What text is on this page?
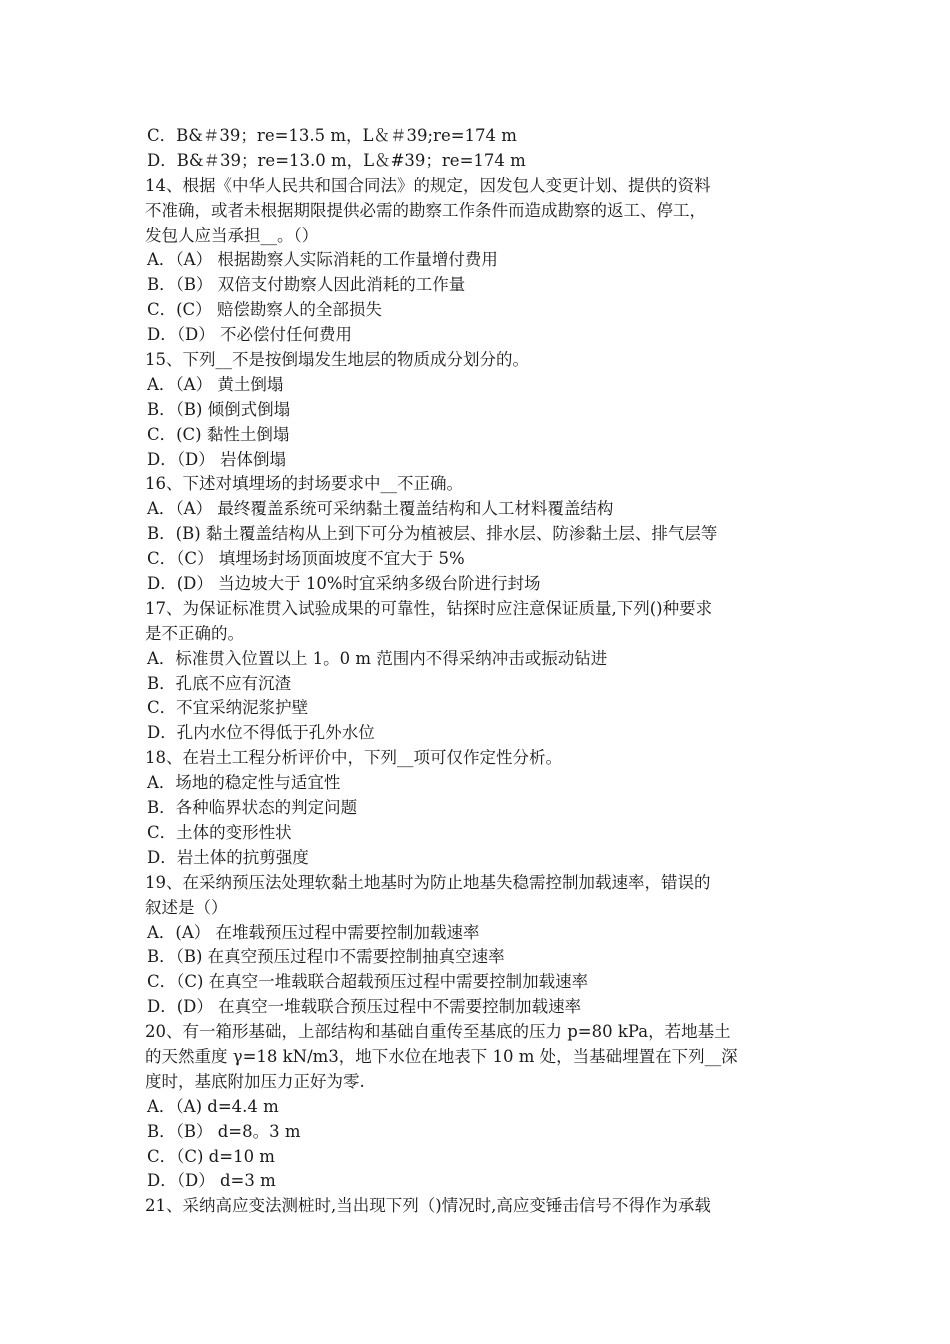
C．B&＃39；re=13.5 m，L＆＃39;re=174 m
D．B&＃39；re=13.0 m，L＆#39；re=174 m
14、根据《中华人民共和国合同法》的规定，因发包人变更计划、提供的资料
不准确，或者未根据期限提供必需的勘察工作条件而造成勘察的返工、停工，
发包人应当承担__。（）
A．（A） 根据勘察人实际消耗的工作量增付费用
B．（B） 双倍支付勘察人因此消耗的工作量
C．(C） 赔偿勘察人的全部损失
D．（D） 不必偿付任何费用
15、下列__不是按倒塌发生地层的物质成分划分的。
A．（A） 黄土倒塌
B．（B) 倾倒式倒塌
C．(C) 黏性土倒塌
D．（D） 岩体倒塌
16、下述对填埋场的封场要求中__不正确。
A．（A） 最终覆盖系统可采纳黏土覆盖结构和人工材料覆盖结构
B．(B) 黏土覆盖结构从上到下可分为植被层、排水层、防渗黏土层、排气层等
C．（C） 填埋场封场顶面坡度不宜大于 5%
D．(D） 当边坡大于 10%时宜采纳多级台阶进行封场
17、为保证标准贯入试验成果的可靠性，钻探时应注意保证质量,下列()种要求
是不正确的。
A．标准贯入位置以上 1。0 m 范围内不得采纳冲击或振动钻进
B．孔底不应有沉渣
C．不宜采纳泥浆护壁
D．孔内水位不得低于孔外水位
18、在岩土工程分析评价中，下列__项可仅作定性分析。
A．场地的稳定性与适宜性
B．各种临界状态的判定问题
C．土体的变形性状
D．岩土体的抗剪强度
19、在采纳预压法处理软黏土地基时为防止地基失稳需控制加载速率，错误的
叙述是（）
A．(A） 在堆载预压过程中需要控制加载速率
B．（B) 在真空预压过程巾不需要控制抽真空速率
C．（C) 在真空一堆载联合超载预压过程中需要控制加载速率
D．(D） 在真空一堆载联合预压过程中不需要控制加载速率
20、有一箱形基础，上部结构和基础自重传至基底的压力 p=80 kPa，若地基土
的天然重度 γ=18 kN/m3，地下水位在地表下 10 m 处，当基础埋置在下列__深
度时，基底附加压力正好为零.
A．（A) d=4.4 m
B．（B） d=8。3 m
C．（C) d=10 m
D．（D） d=3 m
21、采纳高应变法测桩时,当出现下列（)情况时,高应变锤击信号不得作为承载
